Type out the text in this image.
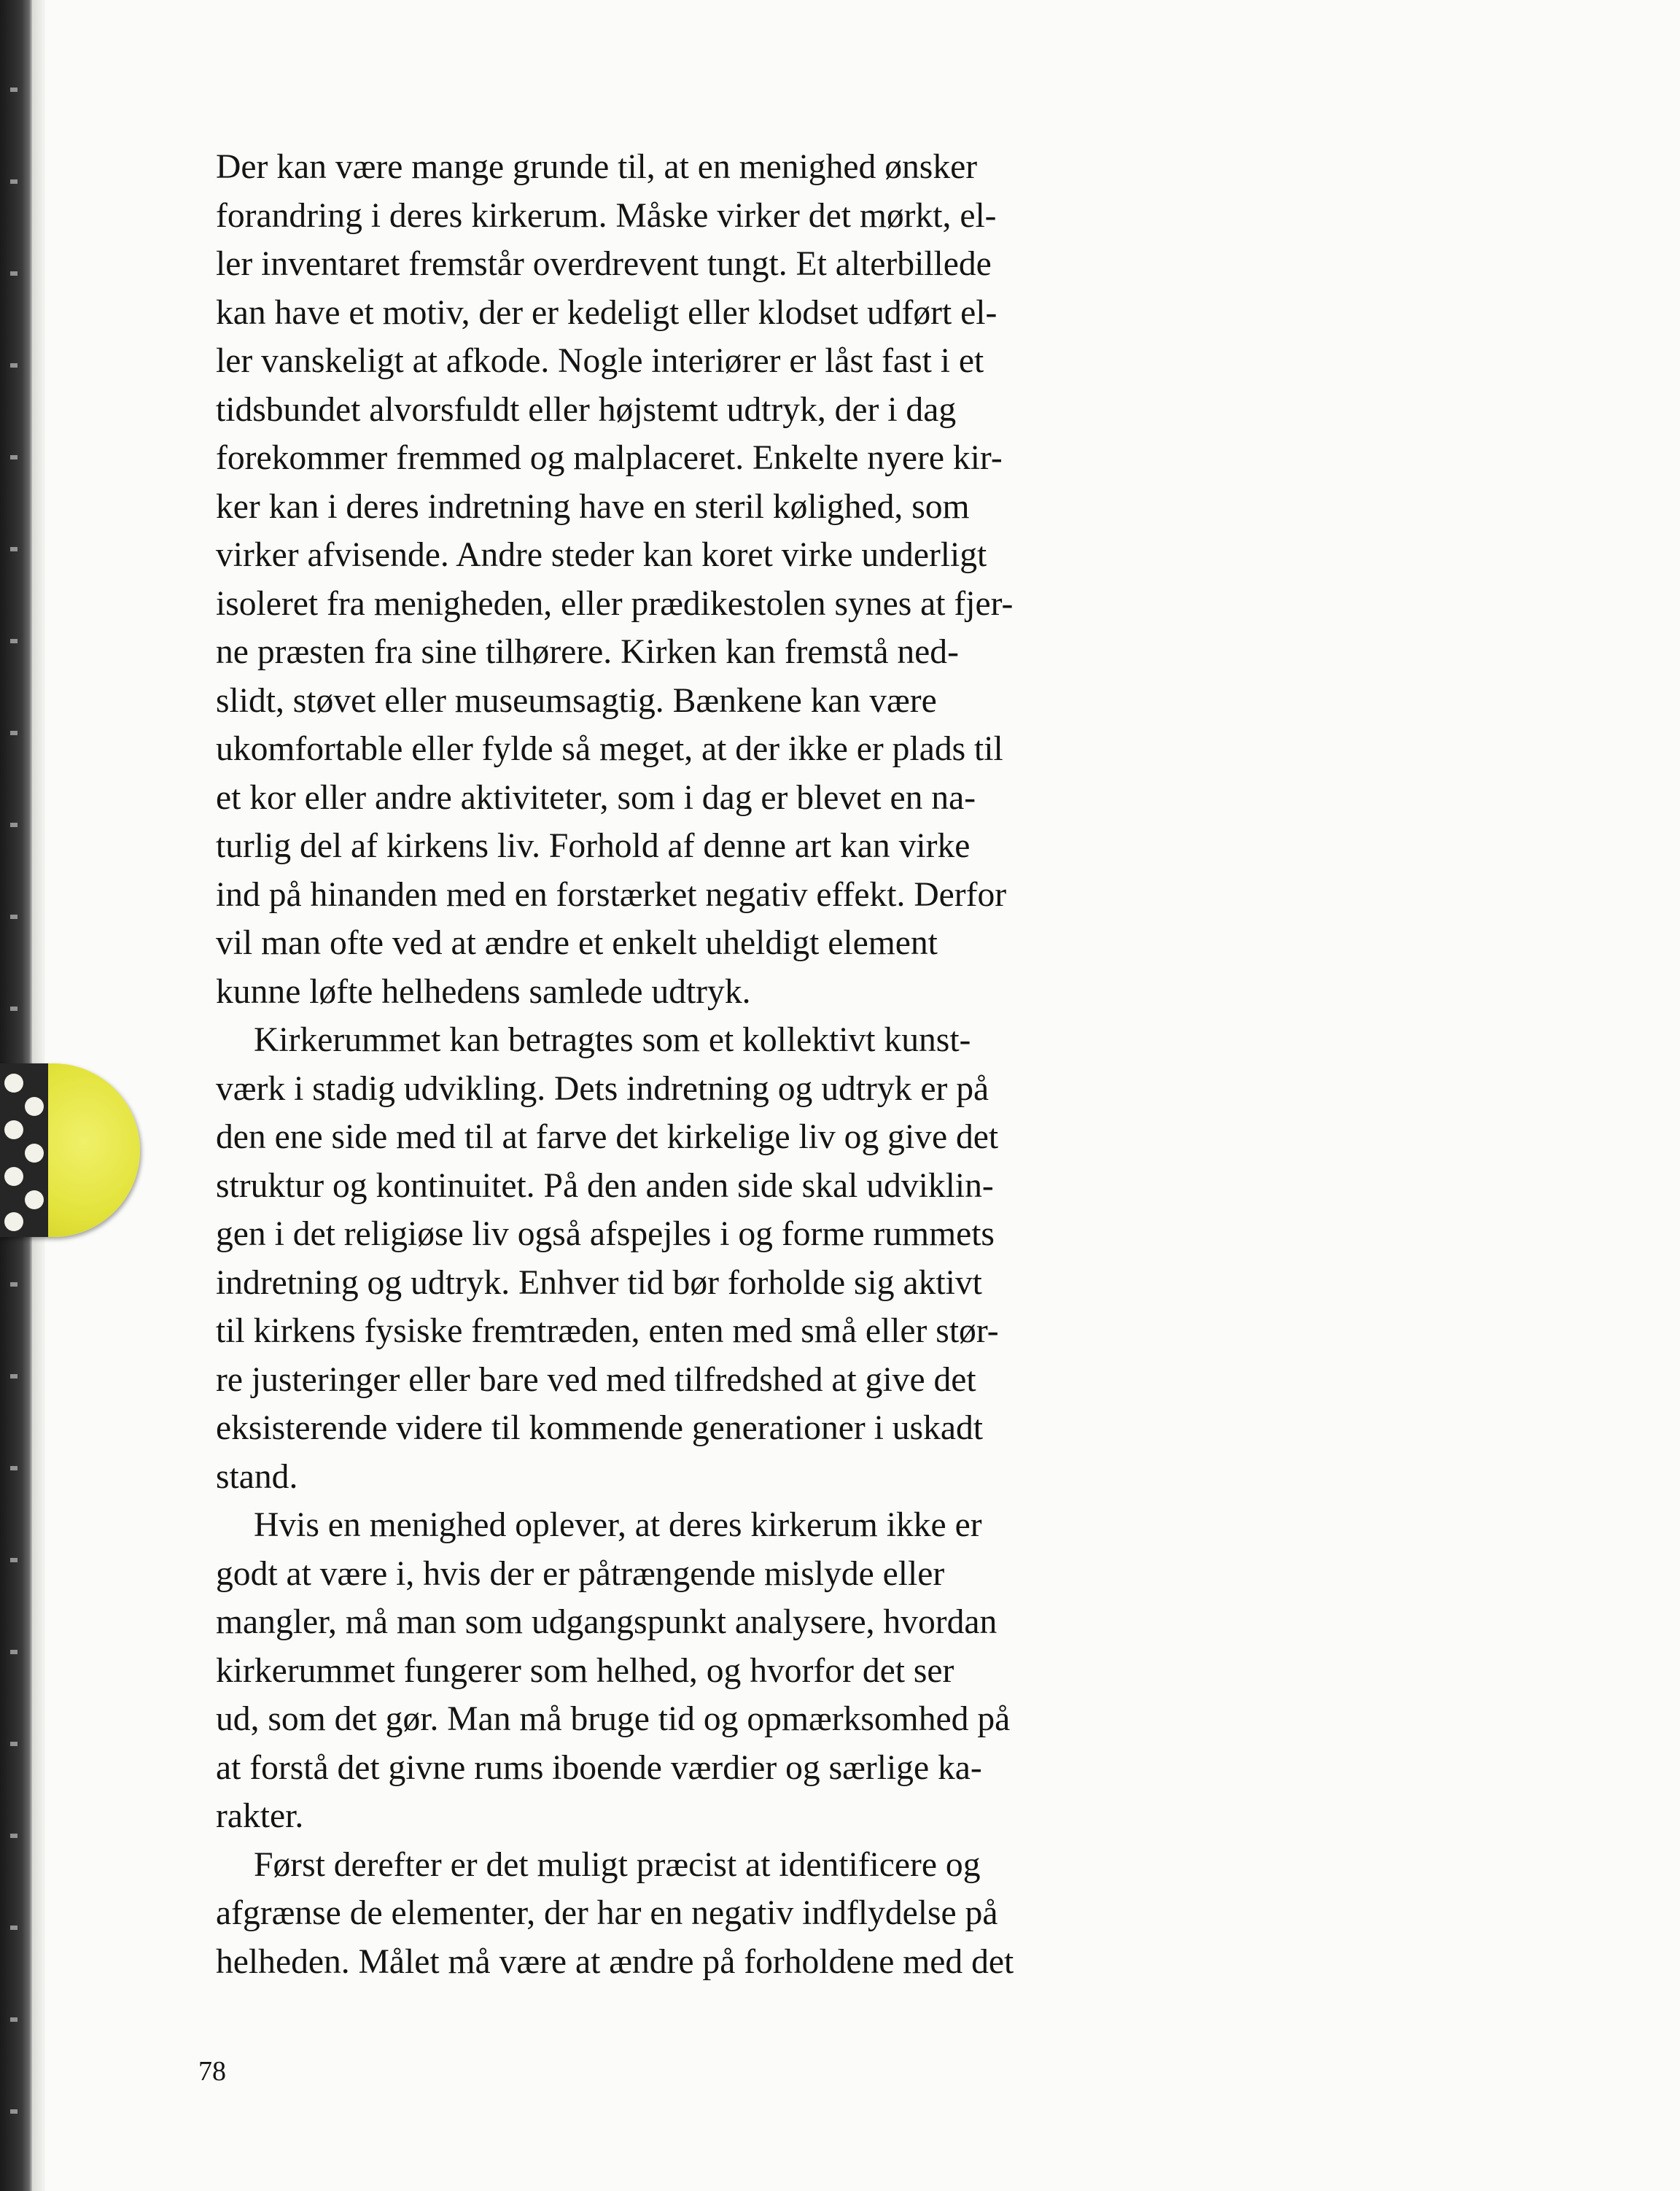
Der kan være mange grunde til, at en menighed ønsker
forandring i deres kirkerum. Måske virker det mørkt, el-
ler inventaret fremstår overdrevent tungt. Et alterbillede
kan have et motiv, der er kedeligt eller klodset udført el-
ler vanskeligt at afkode. Nogle interiører er låst fast i et
tidsbundet alvorsfuldt eller højstemt udtryk, der i dag
forekommer fremmed og malplaceret. Enkelte nyere kir-
ker kan i deres indretning have en steril kølighed, som
virker afvisende. Andre steder kan koret virke underligt
isoleret fra menigheden, eller prædikestolen synes at fjer-
ne præsten fra sine tilhørere. Kirken kan fremstå ned-
slidt, støvet eller museumsagtig. Bænkene kan være
ukomfortable eller fylde så meget, at der ikke er plads til
et kor eller andre aktiviteter, som i dag er blevet en na-
turlig del af kirkens liv. Forhold af denne art kan virke
ind på hinanden med en forstærket negativ effekt. Derfor
vil man ofte ved at ændre et enkelt uheldigt element
kunne løfte helhedens samlede udtryk.
Kirkerummet kan betragtes som et kollektivt kunst-
værk i stadig udvikling. Dets indretning og udtryk er på
den ene side med til at farve det kirkelige liv og give det
struktur og kontinuitet. På den anden side skal udviklin-
gen i det religiøse liv også afspejles i og forme rummets
indretning og udtryk. Enhver tid bør forholde sig aktivt
til kirkens fysiske fremtræden, enten med små eller stør-
re justeringer eller bare ved med tilfredshed at give det
eksisterende videre til kommende generationer i uskadt
stand.
Hvis en menighed oplever, at deres kirkerum ikke er
godt at være i, hvis der er påtrængende mislyde eller
mangler, må man som udgangspunkt analysere, hvordan
kirkerummet fungerer som helhed, og hvorfor det ser
ud, som det gør. Man må bruge tid og opmærksomhed på
at forstå det givne rums iboende værdier og særlige ka-
rakter.
Først derefter er det muligt præcist at identificere og
afgrænse de elementer, der har en negativ indflydelse på
helheden. Målet må være at ændre på forholdene med det
78
